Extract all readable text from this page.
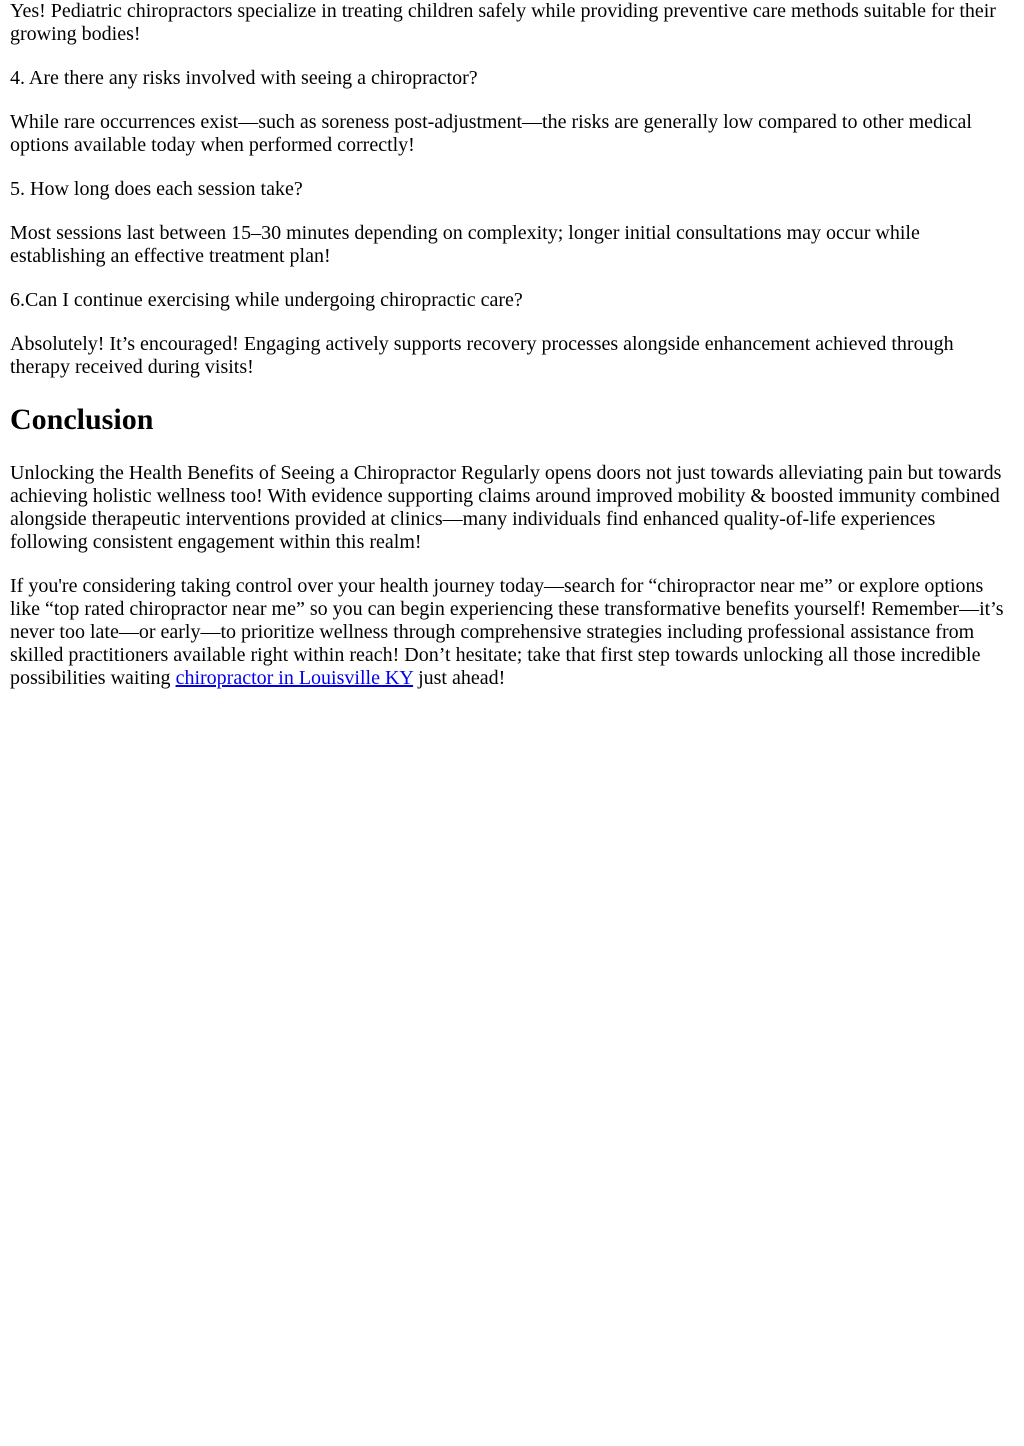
Yes! Pediatric chiropractors specialize in treating children safely while providing preventive care methods suitable for their growing bodies!

4. Are there any risks involved with seeing a chiropractor?

While rare occurrences exist—such as soreness post-adjustment—the risks are generally low compared to other medical options available today when performed correctly!

5. How long does each session take?

Most sessions last between 15–30 minutes depending on complexity; longer initial consultations may occur while establishing an effective treatment plan!

6.Can I continue exercising while undergoing chiropractic care?

Absolutely! It’s encouraged! Engaging actively supports recovery processes alongside enhancement achieved through therapy received during visits!

Conclusion

Unlocking the Health Benefits of Seeing a Chiropractor Regularly opens doors not just towards alleviating pain but towards achieving holistic wellness too! With evidence supporting claims around improved mobility & boosted immunity combined alongside therapeutic interventions provided at clinics—many individuals find enhanced quality-of-life experiences following consistent engagement within this realm!

If you're considering taking control over your health journey today—search for “chiropractor near me” or explore options like “top rated chiropractor near me” so you can begin experiencing these transformative benefits yourself! Remember—it’s never too late—or early—to prioritize wellness through comprehensive strategies including professional assistance from skilled practitioners available right within reach! Don’t hesitate; take that first step towards unlocking all those incredible possibilities waiting chiropractor in Louisville KY just ahead!
